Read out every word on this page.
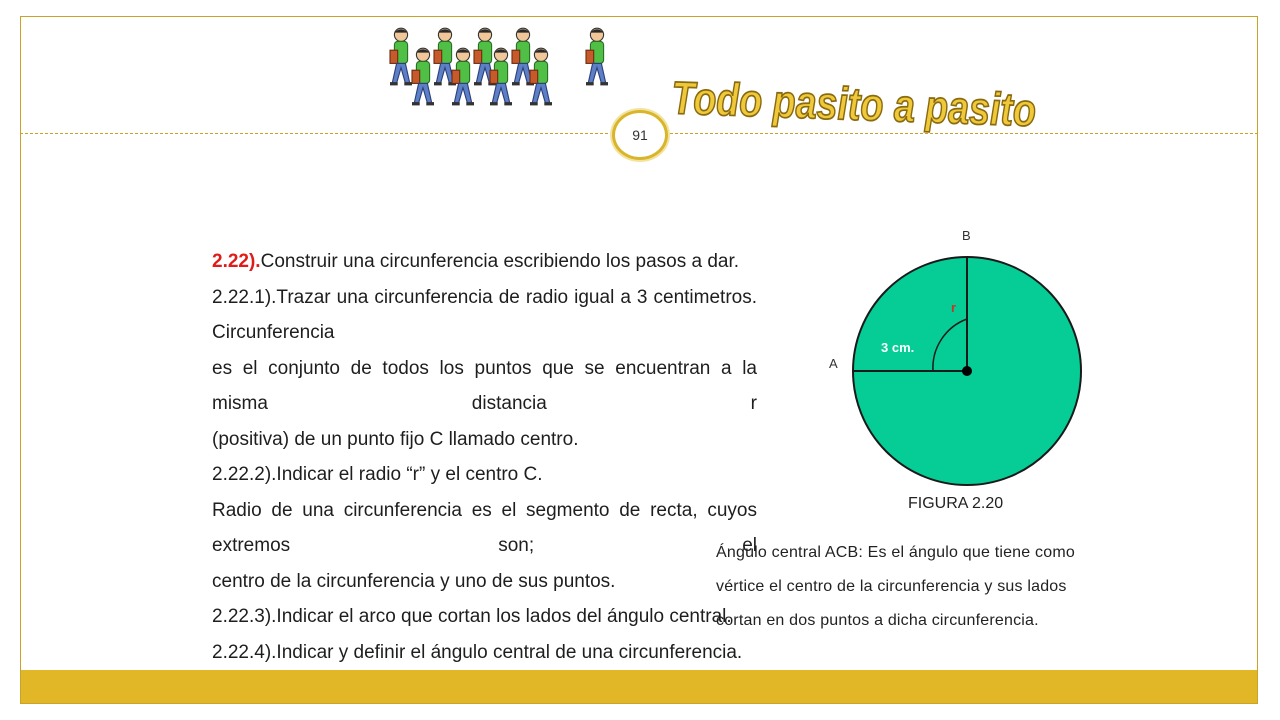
Todo pasito a pasito
91

2.22).Construir una circunferencia escribiendo los pasos a dar.

2.22.1).Trazar una circunferencia de radio igual a 3 centimetros. Circunferencia

es el conjunto de todos los puntos que se encuentran a la misma distancia r

(positiva) de un punto fijo C llamado centro.

2.22.2).Indicar el radio “r” y el centro C.

Radio de una circunferencia es el segmento de recta, cuyos extremos son; el

centro de la circunferencia y uno de sus puntos.

2.22.3).Indicar el arco que cortan los lados del ángulo central.

2.22.4).Indicar y definir el ángulo central de una circunferencia.

B
A
r
3 cm.
FIGURA 2.20
Ángulo central ACB: Es el ángulo que tiene como vértice el centro de la circunferencia y sus lados cortan en dos puntos a dicha circunferencia.
